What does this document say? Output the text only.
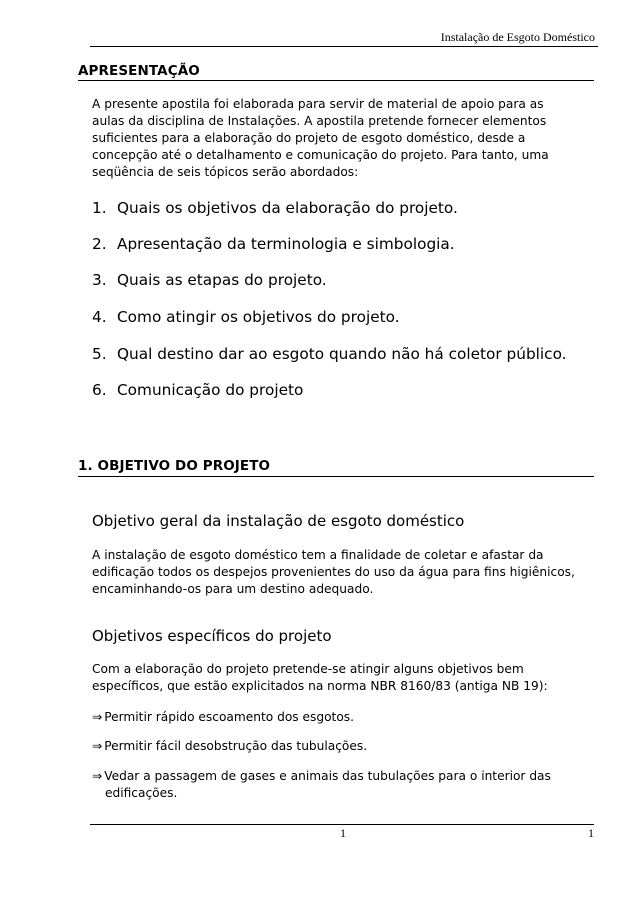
Instalação de Esgoto Doméstico
APRESENTAÇÃO
A presente apostila foi elaborada para servir de material de apoio para as
aulas da disciplina de Instalações. A apostila pretende fornecer elementos
suficientes para a elaboração do projeto de esgoto doméstico, desde a
concepção até o detalhamento e comunicação do projeto. Para tanto, uma
seqüência de seis tópicos serão abordados:
1. Quais os objetivos da elaboração do projeto.
2. Apresentação da terminologia e simbologia.
3. Quais as etapas do projeto.
4. Como atingir os objetivos do projeto.
5. Qual destino dar ao esgoto quando não há coletor público.
6. Comunicação do projeto
1. OBJETIVO DO PROJETO
Objetivo geral da instalação de esgoto doméstico
A instalação de esgoto doméstico tem a finalidade de coletar e afastar da
edificação todos os despejos provenientes do uso da água para fins higiênicos,
encaminhando-os para um destino adequado.
Objetivos específicos do projeto
Com a elaboração do projeto pretende-se atingir alguns objetivos bem
específicos, que estão explicitados na norma NBR 8160/83 (antiga NB 19):
⇒ Permitir rápido escoamento dos esgotos.
⇒ Permitir fácil desobstrução das tubulações.
⇒ Vedar a passagem de gases e animais das tubulações para o interior das
edificações.
1	1
